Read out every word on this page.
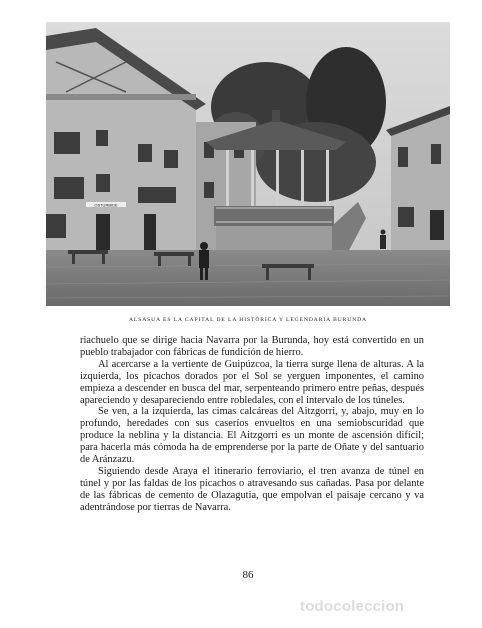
OSTURBIDE
ALSASUA ES LA CAPITAL DE LA HISTÓRICA Y LEGENDARIA BURUNDA

riachuelo que se dirige hacia Navarra por la Burunda, hoy está convertido en un pueblo trabajador con fábricas de fundición de hierro.

Al acercarse a la vertiente de Guipúzcoa, la tierra surge llena de alturas. A la izquierda, los picachos dorados por el Sol se yerguen imponentes, el camino empieza a descender en busca del mar, serpenteando primero entre peñas, después apareciendo y desapareciendo entre robledales, con el intervalo de los túneles.

Se ven, a la izquierda, las cimas calcáreas del Aitzgorri, y, abajo, muy en lo profundo, heredades con sus caseríos envueltos en una semiobscuridad que produce la neblina y la distancia. El Aitzgorri es un monte de ascensión difícil; para hacerla más cómoda ha de emprenderse por la parte de Oñate y del santuario de Aránzazu.

Siguiendo desde Araya el itinerario ferroviario, el tren avanza de túnel en túnel y por las faldas de los picachos o atravesando sus cañadas. Pasa por delante de las fábricas de cemento de Olazagutia, que empolvan el paisaje cercano y va adentrándose por tierras de Navarra.

86
todocoleccion
